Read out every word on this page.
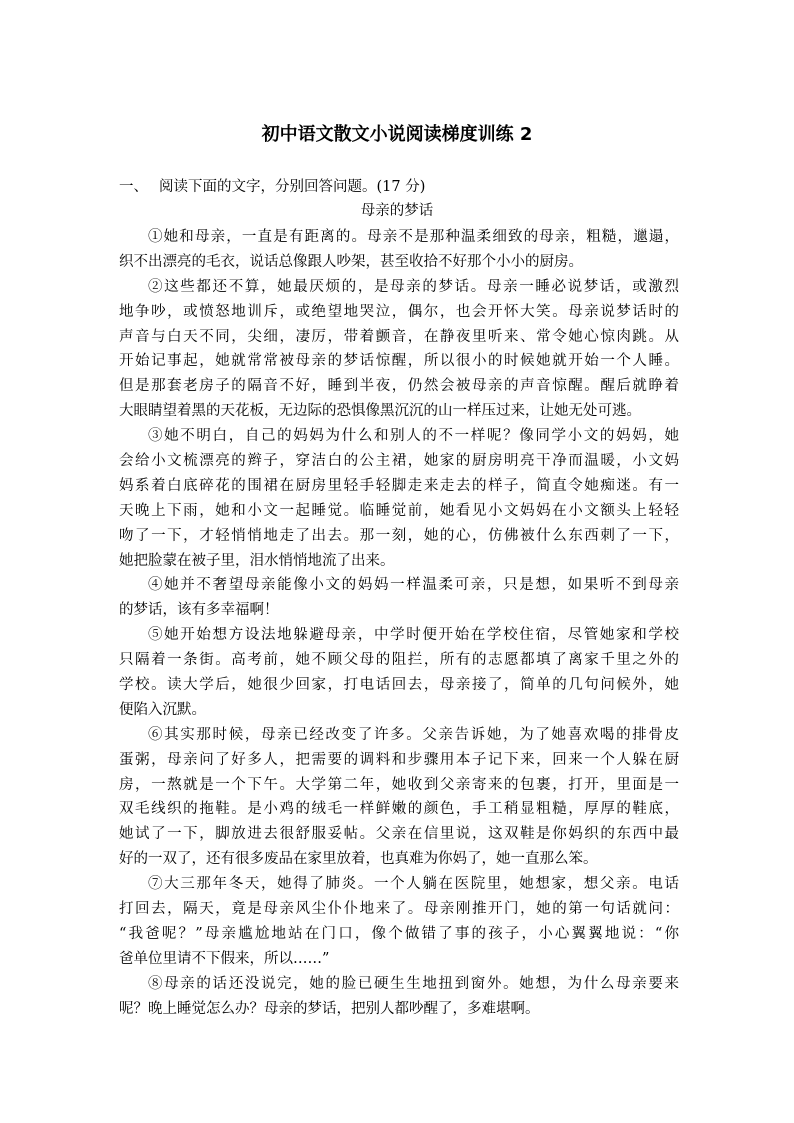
初中语文散文小说阅读梯度训练 2

一、 阅读下面的文字，分别回答问题。(17 分)

母亲的梦话

①她和母亲，一直是有距离的。母亲不是那种温柔细致的母亲，粗糙，邋遢，
织不出漂亮的毛衣，说话总像跟人吵架，甚至收拾不好那个小小的厨房。

②这些都还不算，她最厌烦的，是母亲的梦话。母亲一睡必说梦话，或激烈
地争吵，或愤怒地训斥，或绝望地哭泣，偶尔，也会开怀大笑。母亲说梦话时的
声音与白天不同，尖细，凄厉，带着颤音，在静夜里听来、常令她心惊肉跳。从
开始记事起，她就常常被母亲的梦话惊醒，所以很小的时候她就开始一个人睡。
但是那套老房子的隔音不好，睡到半夜，仍然会被母亲的声音惊醒。醒后就睁着
大眼睛望着黑的天花板，无边际的恐惧像黑沉沉的山一样压过来，让她无处可逃。

③她不明白，自己的妈妈为什么和别人的不一样呢？像同学小文的妈妈，她
会给小文梳漂亮的辫子，穿洁白的公主裙，她家的厨房明亮干净而温暖，小文妈
妈系着白底碎花的围裙在厨房里轻手轻脚走来走去的样子，简直令她痴迷。有一
天晚上下雨，她和小文一起睡觉。临睡觉前，她看见小文妈妈在小文额头上轻轻
吻了一下，才轻悄悄地走了出去。那一刻，她的心，仿佛被什么东西刺了一下，
她把脸蒙在被子里，泪水悄悄地流了出来。

④她并不奢望母亲能像小文的妈妈一样温柔可亲，只是想，如果听不到母亲
的梦话，该有多幸福啊！

⑤她开始想方设法地躲避母亲，中学时便开始在学校住宿，尽管她家和学校
只隔着一条街。高考前，她不顾父母的阻拦，所有的志愿都填了离家千里之外的
学校。读大学后，她很少回家，打电话回去，母亲接了，简单的几句问候外，她
便陷入沉默。

⑥其实那时候，母亲已经改变了许多。父亲告诉她，为了她喜欢喝的排骨皮
蛋粥，母亲问了好多人，把需要的调料和步骤用本子记下来，回来一个人躲在厨
房，一熬就是一个下午。大学第二年，她收到父亲寄来的包裹，打开，里面是一
双毛线织的拖鞋。是小鸡的绒毛一样鲜嫩的颜色，手工稍显粗糙，厚厚的鞋底，
她试了一下，脚放进去很舒服妥帖。父亲在信里说，这双鞋是你妈织的东西中最
好的一双了，还有很多废品在家里放着，也真难为你妈了，她一直那么笨。

⑦大三那年冬天，她得了肺炎。一个人躺在医院里，她想家，想父亲。电话
打回去，隔天，竟是母亲风尘仆仆地来了。母亲刚推开门，她的第一句话就问：
“我爸呢？”母亲尴尬地站在门口，像个做错了事的孩子，小心翼翼地说：“你
爸单位里请不下假来，所以……”

⑧母亲的话还没说完，她的脸已硬生生地扭到窗外。她想，为什么母亲要来
呢？晚上睡觉怎么办？母亲的梦话，把别人都吵醒了，多难堪啊。
